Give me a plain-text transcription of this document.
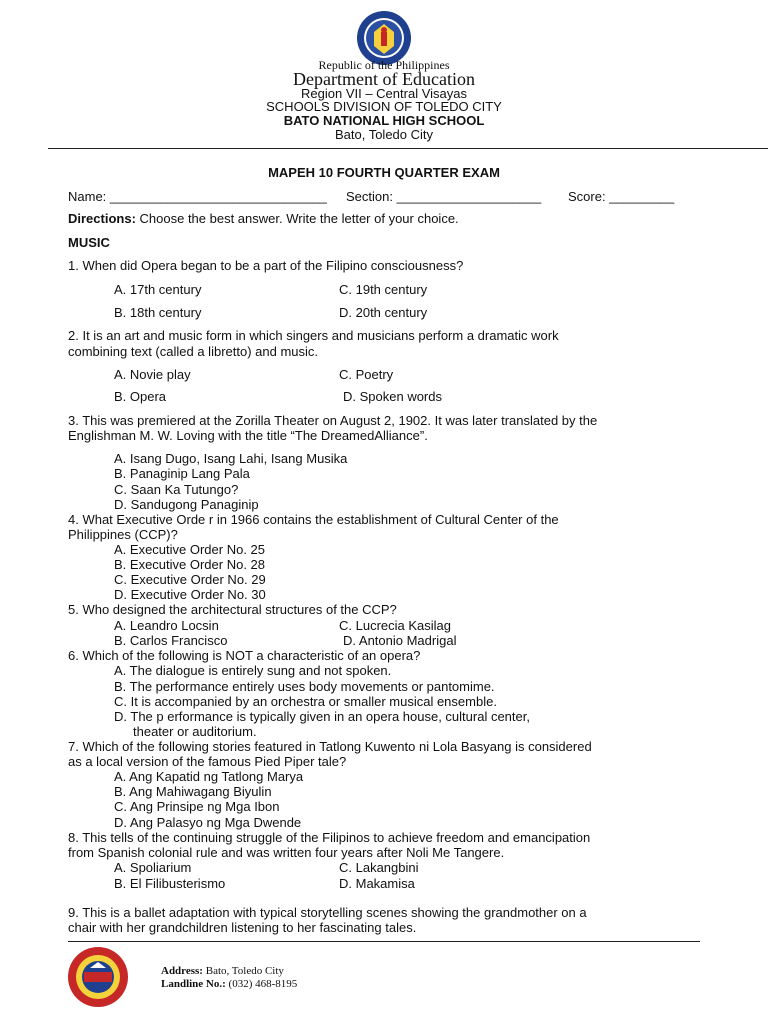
Republic of the Philippines
Department of Education
Region VII – Central Visayas
SCHOOLS DIVISION OF TOLEDO CITY
BATO NATIONAL HIGH SCHOOL
Bato, Toledo City
MAPEH 10 FOURTH QUARTER EXAM
Name: ______________________________ Section: ____________________ Score: _________
Directions: Choose the best answer. Write the letter of your choice.
MUSIC
1. When did Opera began to be a part of the Filipino consciousness?
A. 17th century	C. 19th century
B. 18th century	D. 20th century
2. It is an art and music form in which singers and musicians perform a dramatic work
combining text (called a libretto) and music.
A. Novie play	C. Poetry
B. Opera	D. Spoken words
3. This was premiered at the Zorilla Theater on August 2, 1902. It was later translated by the
Englishman M. W. Loving with the title “The DreamedAlliance”.
A. Isang Dugo, Isang Lahi, Isang Musika
B. Panaginip Lang Pala
C. Saan Ka Tutungo?
D. Sandugong Panaginip
4. What Executive Orde r in 1966 contains the establishment of Cultural Center of the
Philippines (CCP)?
A. Executive Order No. 25
B. Executive Order No. 28
C. Executive Order No. 29
D. Executive Order No. 30
5. Who designed the architectural structures of the CCP?
A. Leandro Locsin	C. Lucrecia Kasilag
B. Carlos Francisco	D. Antonio Madrigal
6. Which of the following is NOT a characteristic of an opera?
A. The dialogue is entirely sung and not spoken.
B. The performance entirely uses body movements or pantomime.
C. It is accompanied by an orchestra or smaller musical ensemble.
D. The p erformance is typically given in an opera house, cultural center,
theater or auditorium.
7. Which of the following stories featured in Tatlong Kuwento ni Lola Basyang is considered
as a local version of the famous Pied Piper tale?
A. Ang Kapatid ng Tatlong Marya
B. Ang Mahiwagang Biyulin
C. Ang Prinsipe ng Mga Ibon
D. Ang Palasyo ng Mga Dwende
8. This tells of the continuing struggle of the Filipinos to achieve freedom and emancipation
from Spanish colonial rule and was written four years after Noli Me Tangere.
A. Spoliarium	C. Lakangbini
B. El Filibusterismo	D. Makamisa
9. This is a ballet adaptation with typical storytelling scenes showing the grandmother on a
chair with her grandchildren listening to her fascinating tales.
Address: Bato, Toledo City
Landline No.: (032) 468-8195
